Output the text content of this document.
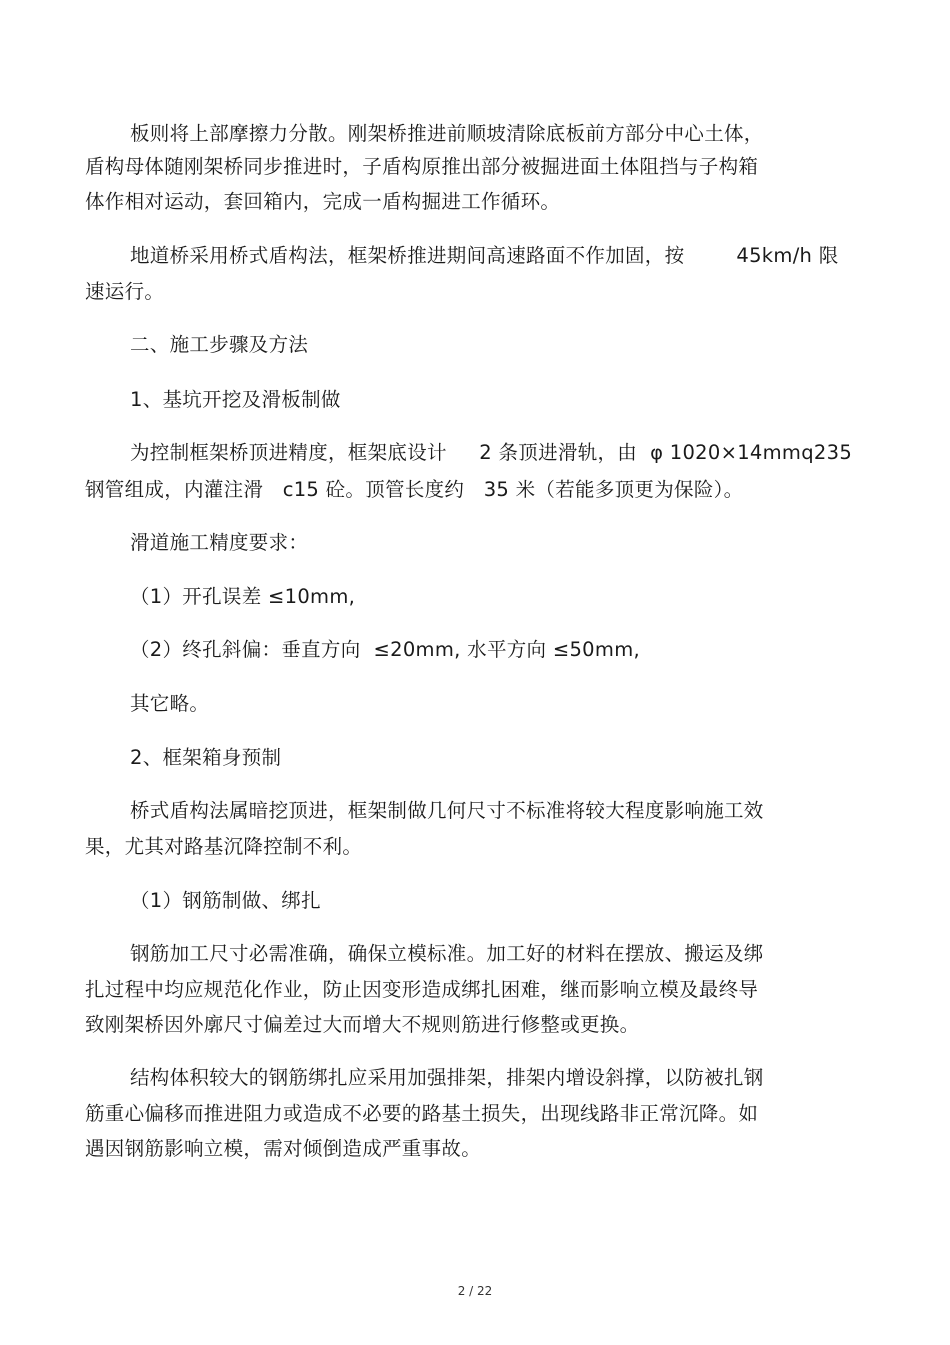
板则将上部摩擦力分散。刚架桥推进前顺坡清除底板前方部分中心土体，
盾构母体随刚架桥同步推进时，子盾构原推出部分被掘进面土体阻挡与子构箱
体作相对运动，套回箱内，完成一盾构掘进工作循环。
地道桥采用桥式盾构法，框架桥推进期间高速路面不作加固，按        45km/h 限
速运行。
二、施工步骤及方法
1、基坑开挖及滑板制做
为控制框架桥顶进精度，框架底设计     2 条顶进滑轨，由  φ 1020×14mmq235
钢管组成，内灌注滑   c15 砼。顶管长度约   35 米（若能多顶更为保险）。
滑道施工精度要求：
（1）开孔误差 ≤10mm,
（2）终孔斜偏：垂直方向  ≤20mm, 水平方向 ≤50mm,
其它略。
2、框架箱身预制
桥式盾构法属暗挖顶进，框架制做几何尺寸不标准将较大程度影响施工效
果，尤其对路基沉降控制不利。
（1）钢筋制做、绑扎
钢筋加工尺寸必需准确，确保立模标准。加工好的材料在摆放、搬运及绑
扎过程中均应规范化作业，防止因变形造成绑扎困难，继而影响立模及最终导
致刚架桥因外廓尺寸偏差过大而增大不规则筋进行修整或更换。
结构体积较大的钢筋绑扎应采用加强排架，排架内增设斜撑，以防被扎钢
筋重心偏移而推进阻力或造成不必要的路基土损失，出现线路非正常沉降。如
遇因钢筋影响立模，需对倾倒造成严重事故。
2 / 22
